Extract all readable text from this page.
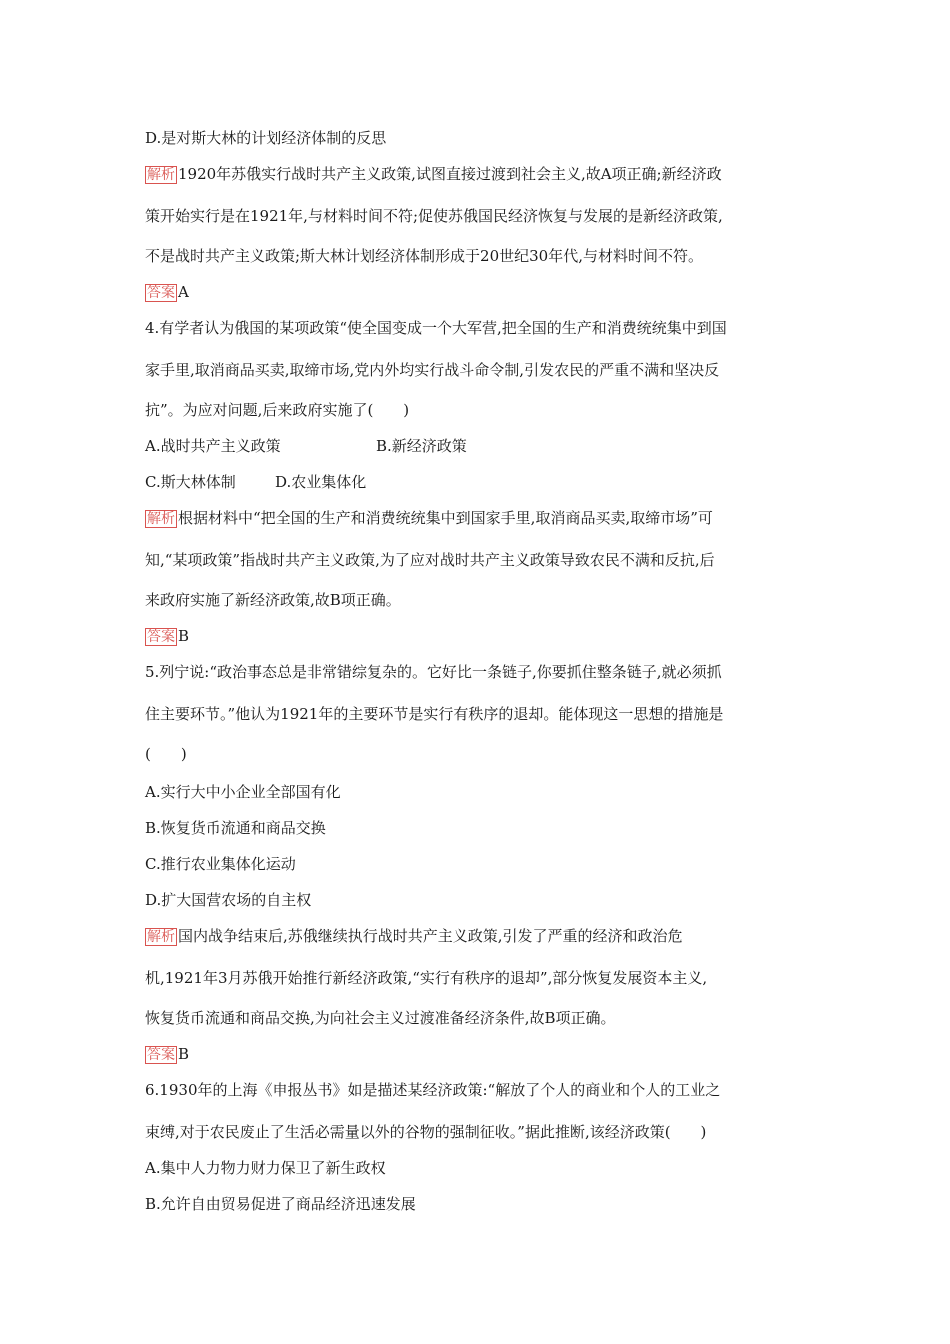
D.是对斯大林的计划经济体制的反思
解析 1920年苏俄实行战时共产主义政策,试图直接过渡到社会主义,故A项正确;新经济政
策开始实行是在1921年,与材料时间不符;促使苏俄国民经济恢复与发展的是新经济政策,
不是战时共产主义政策;斯大林计划经济体制形成于20世纪30年代,与材料时间不符。
答案 A
4.有学者认为俄国的某项政策“使全国变成一个大军营,把全国的生产和消费统统集中到国
家手里,取消商品买卖,取缔市场,党内外均实行战斗命令制,引发农民的严重不满和坚决反
抗”。为应对问题,后来政府实施了(　　)
A.战时共产主义政策	B.新经济政策
C.斯大林体制	D.农业集体化
解析 根据材料中“把全国的生产和消费统统集中到国家手里,取消商品买卖,取缔市场”可
知,“某项政策”指战时共产主义政策,为了应对战时共产主义政策导致农民不满和反抗,后
来政府实施了新经济政策,故B项正确。
答案 B
5.列宁说:“政治事态总是非常错综复杂的。它好比一条链子,你要抓住整条链子,就必须抓
住主要环节。”他认为1921年的主要环节是实行有秩序的退却。能体现这一思想的措施是
(　　)
A.实行大中小企业全部国有化
B.恢复货币流通和商品交换
C.推行农业集体化运动
D.扩大国营农场的自主权
解析 国内战争结束后,苏俄继续执行战时共产主义政策,引发了严重的经济和政治危
机,1921年3月苏俄开始推行新经济政策,“实行有秩序的退却”,部分恢复发展资本主义,
恢复货币流通和商品交换,为向社会主义过渡准备经济条件,故B项正确。
答案 B
6.1930年的上海《申报丛书》如是描述某经济政策:“解放了个人的商业和个人的工业之
束缚,对于农民废止了生活必需量以外的谷物的强制征收。”据此推断,该经济政策(　　)
A.集中人力物力财力保卫了新生政权
B.允许自由贸易促进了商品经济迅速发展
